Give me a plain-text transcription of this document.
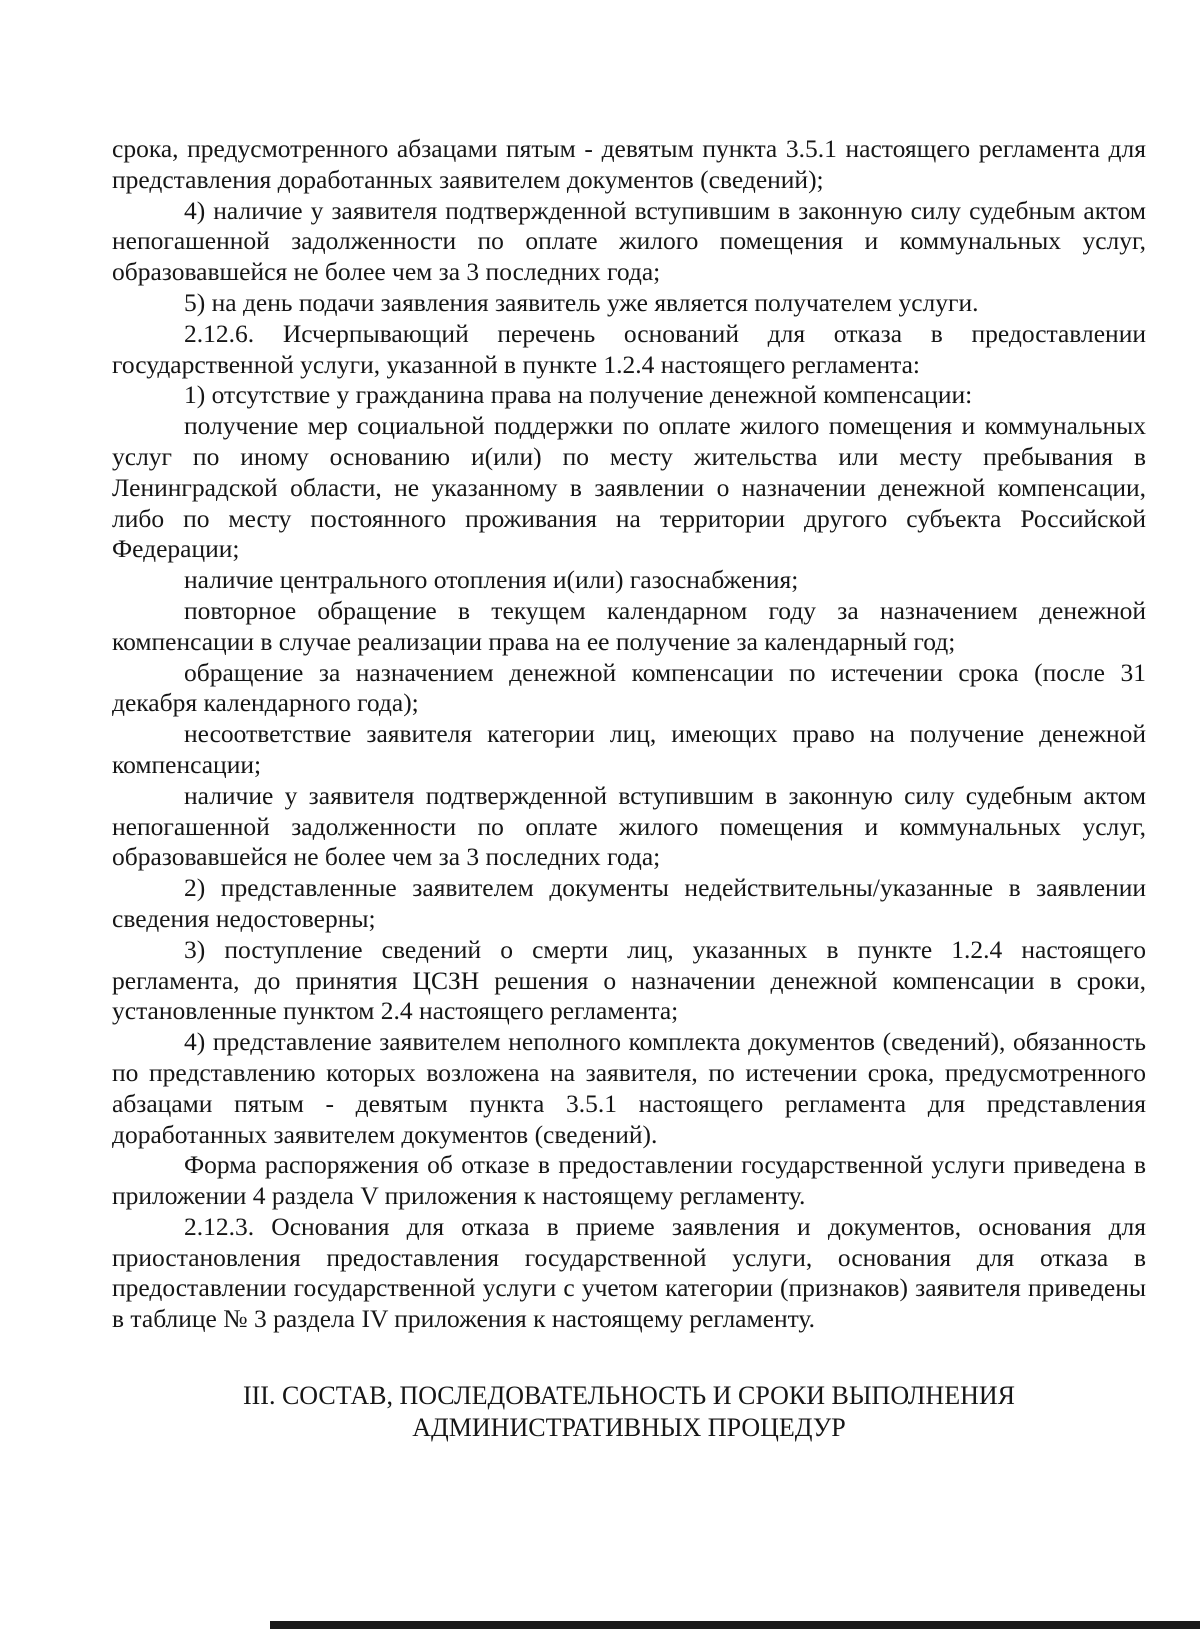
срока, предусмотренного абзацами пятым - девятым пункта 3.5.1 настоящего регламента для представления доработанных заявителем документов (сведений);

4) наличие у заявителя подтвержденной вступившим в законную силу судебным актом непогашенной задолженности по оплате жилого помещения и коммунальных услуг, образовавшейся не более чем за 3 последних года;

5) на день подачи заявления заявитель уже является получателем услуги.

2.12.6. Исчерпывающий перечень оснований для отказа в предоставлении государственной услуги, указанной в пункте 1.2.4 настоящего регламента:

1) отсутствие у гражданина права на получение денежной компенсации:

получение мер социальной поддержки по оплате жилого помещения и коммунальных услуг по иному основанию и(или) по месту жительства или месту пребывания в Ленинградской области, не указанному в заявлении о назначении денежной компенсации, либо по месту постоянного проживания на территории другого субъекта Российской Федерации;

наличие центрального отопления и(или) газоснабжения;

повторное обращение в текущем календарном году за назначением денежной компенсации в случае реализации права на ее получение за календарный год;

обращение за назначением денежной компенсации по истечении срока (после 31 декабря календарного года);

несоответствие заявителя категории лиц, имеющих право на получение денежной компенсации;

наличие у заявителя подтвержденной вступившим в законную силу судебным актом непогашенной задолженности по оплате жилого помещения и коммунальных услуг, образовавшейся не более чем за 3 последних года;

2) представленные заявителем документы недействительны/указанные в заявлении сведения недостоверны;

3) поступление сведений о смерти лиц, указанных в пункте 1.2.4 настоящего регламента, до принятия ЦСЗН решения о назначении денежной компенсации в сроки, установленные пунктом 2.4 настоящего регламента;

4) представление заявителем неполного комплекта документов (сведений), обязанность по представлению которых возложена на заявителя, по истечении срока, предусмотренного абзацами пятым - девятым пункта 3.5.1 настоящего регламента для представления доработанных заявителем документов (сведений).

Форма распоряжения об отказе в предоставлении государственной услуги приведена в приложении 4 раздела V приложения к настоящему регламенту.

2.12.3. Основания для отказа в приеме заявления и документов, основания для приостановления предоставления государственной услуги, основания для отказа в предоставлении государственной услуги с учетом категории (признаков) заявителя приведены в таблице № 3 раздела IV приложения к настоящему регламенту.

III. СОСТАВ, ПОСЛЕДОВАТЕЛЬНОСТЬ И СРОКИ ВЫПОЛНЕНИЯ
АДМИНИСТРАТИВНЫХ ПРОЦЕДУР
